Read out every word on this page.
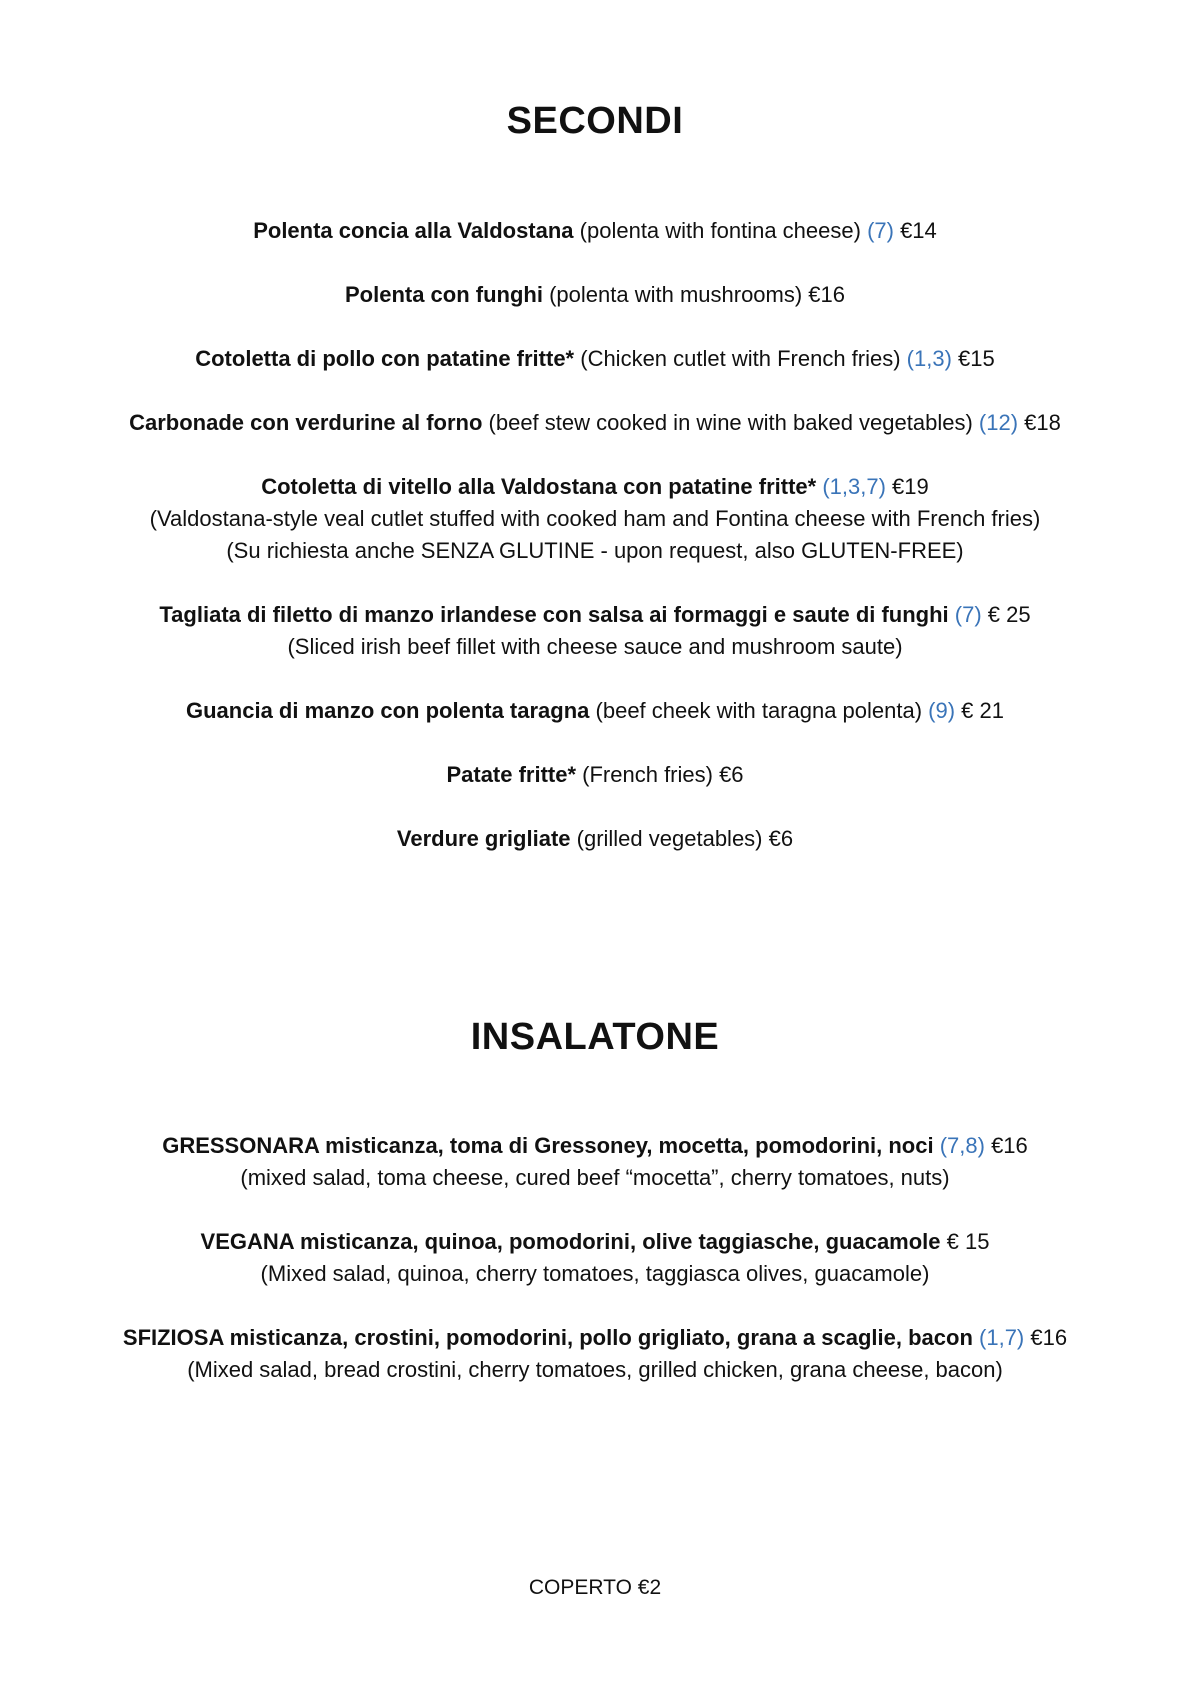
SECONDI
Polenta concia alla Valdostana (polenta with fontina cheese) (7) €14
Polenta con funghi (polenta with mushrooms) €16
Cotoletta di pollo con patatine fritte* (Chicken cutlet with French fries) (1,3) €15
Carbonade con verdurine al forno (beef stew cooked in wine with baked vegetables) (12) €18
Cotoletta di vitello alla Valdostana con patatine fritte* (1,3,7) €19
(Valdostana-style veal cutlet stuffed with cooked ham and Fontina cheese with French fries)
(Su richiesta anche SENZA GLUTINE - upon request, also GLUTEN-FREE)
Tagliata di filetto di manzo irlandese con salsa ai formaggi e saute di funghi (7) € 25
(Sliced irish beef fillet with cheese sauce and mushroom saute)
Guancia di manzo con polenta taragna (beef cheek with taragna polenta) (9) € 21
Patate fritte* (French fries) €6
Verdure grigliate (grilled vegetables) €6
INSALATONE
GRESSONARA misticanza, toma di Gressoney, mocetta, pomodorini, noci (7,8) €16
(mixed salad, toma cheese, cured beef “mocetta”, cherry tomatoes, nuts)
VEGANA misticanza, quinoa, pomodorini, olive taggiasche, guacamole € 15
(Mixed salad, quinoa, cherry tomatoes, taggiasca olives, guacamole)
SFIZIOSA misticanza, crostini, pomodorini, pollo grigliato, grana a scaglie, bacon (1,7) €16
(Mixed salad, bread crostini, cherry tomatoes, grilled chicken, grana cheese, bacon)
COPERTO €2
